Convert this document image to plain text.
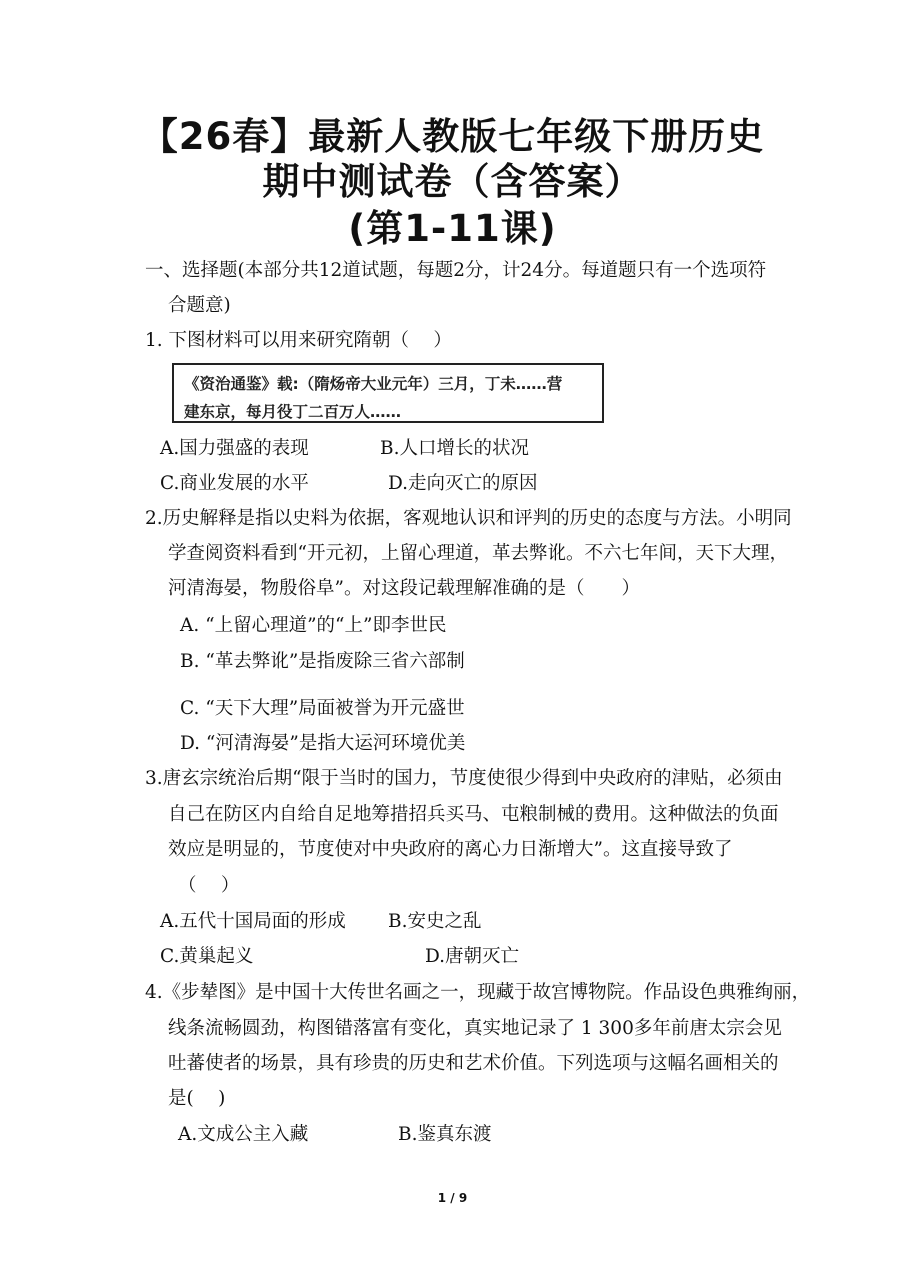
【26春】最新人教版七年级下册历史
期中测试卷（含答案）
(第1-11课)
一、选择题(本部分共12道试题，每题2分，计24分。每道题只有一个选项符
合题意)
1. 下图材料可以用来研究隋朝（　 ）
《资治通鉴》载:（隋炀帝大业元年）三月，丁未……营
建东京，每月役丁二百万人……
A.国力强盛的表现	B.人口增长的状况
C.商业发展的水平	D.走向灭亡的原因
2.历史解释是指以史料为依据，客观地认识和评判的历史的态度与方法。小明同
学查阅资料看到“开元初，上留心理道，革去弊讹。不六七年间，天下大理，
河清海晏，物殷俗阜”。对这段记载理解准确的是（　　）
A. “上留心理道”的“上”即李世民
B. “革去弊讹”是指废除三省六部制
C. “天下大理”局面被誉为开元盛世
D. “河清海晏”是指大运河环境优美
3.唐玄宗统治后期“限于当时的国力，节度使很少得到中央政府的津贴，必须由
自己在防区内自给自足地筹措招兵买马、屯粮制械的费用。这种做法的负面
效应是明显的，节度使对中央政府的离心力日渐增大”。这直接导致了
（　 ）
A.五代十国局面的形成 B.安史之乱
C.黄巢起义	D.唐朝灭亡
4.《步辇图》是中国十大传世名画之一，现藏于故宫博物院。作品设色典雅绚丽，
线条流畅圆劲，构图错落富有变化，真实地记录了 1 300多年前唐太宗会见
吐蕃使者的场景，具有珍贵的历史和艺术价值。下列选项与这幅名画相关的
是(　 )
A.文成公主入藏	B.鉴真东渡
1 / 9
